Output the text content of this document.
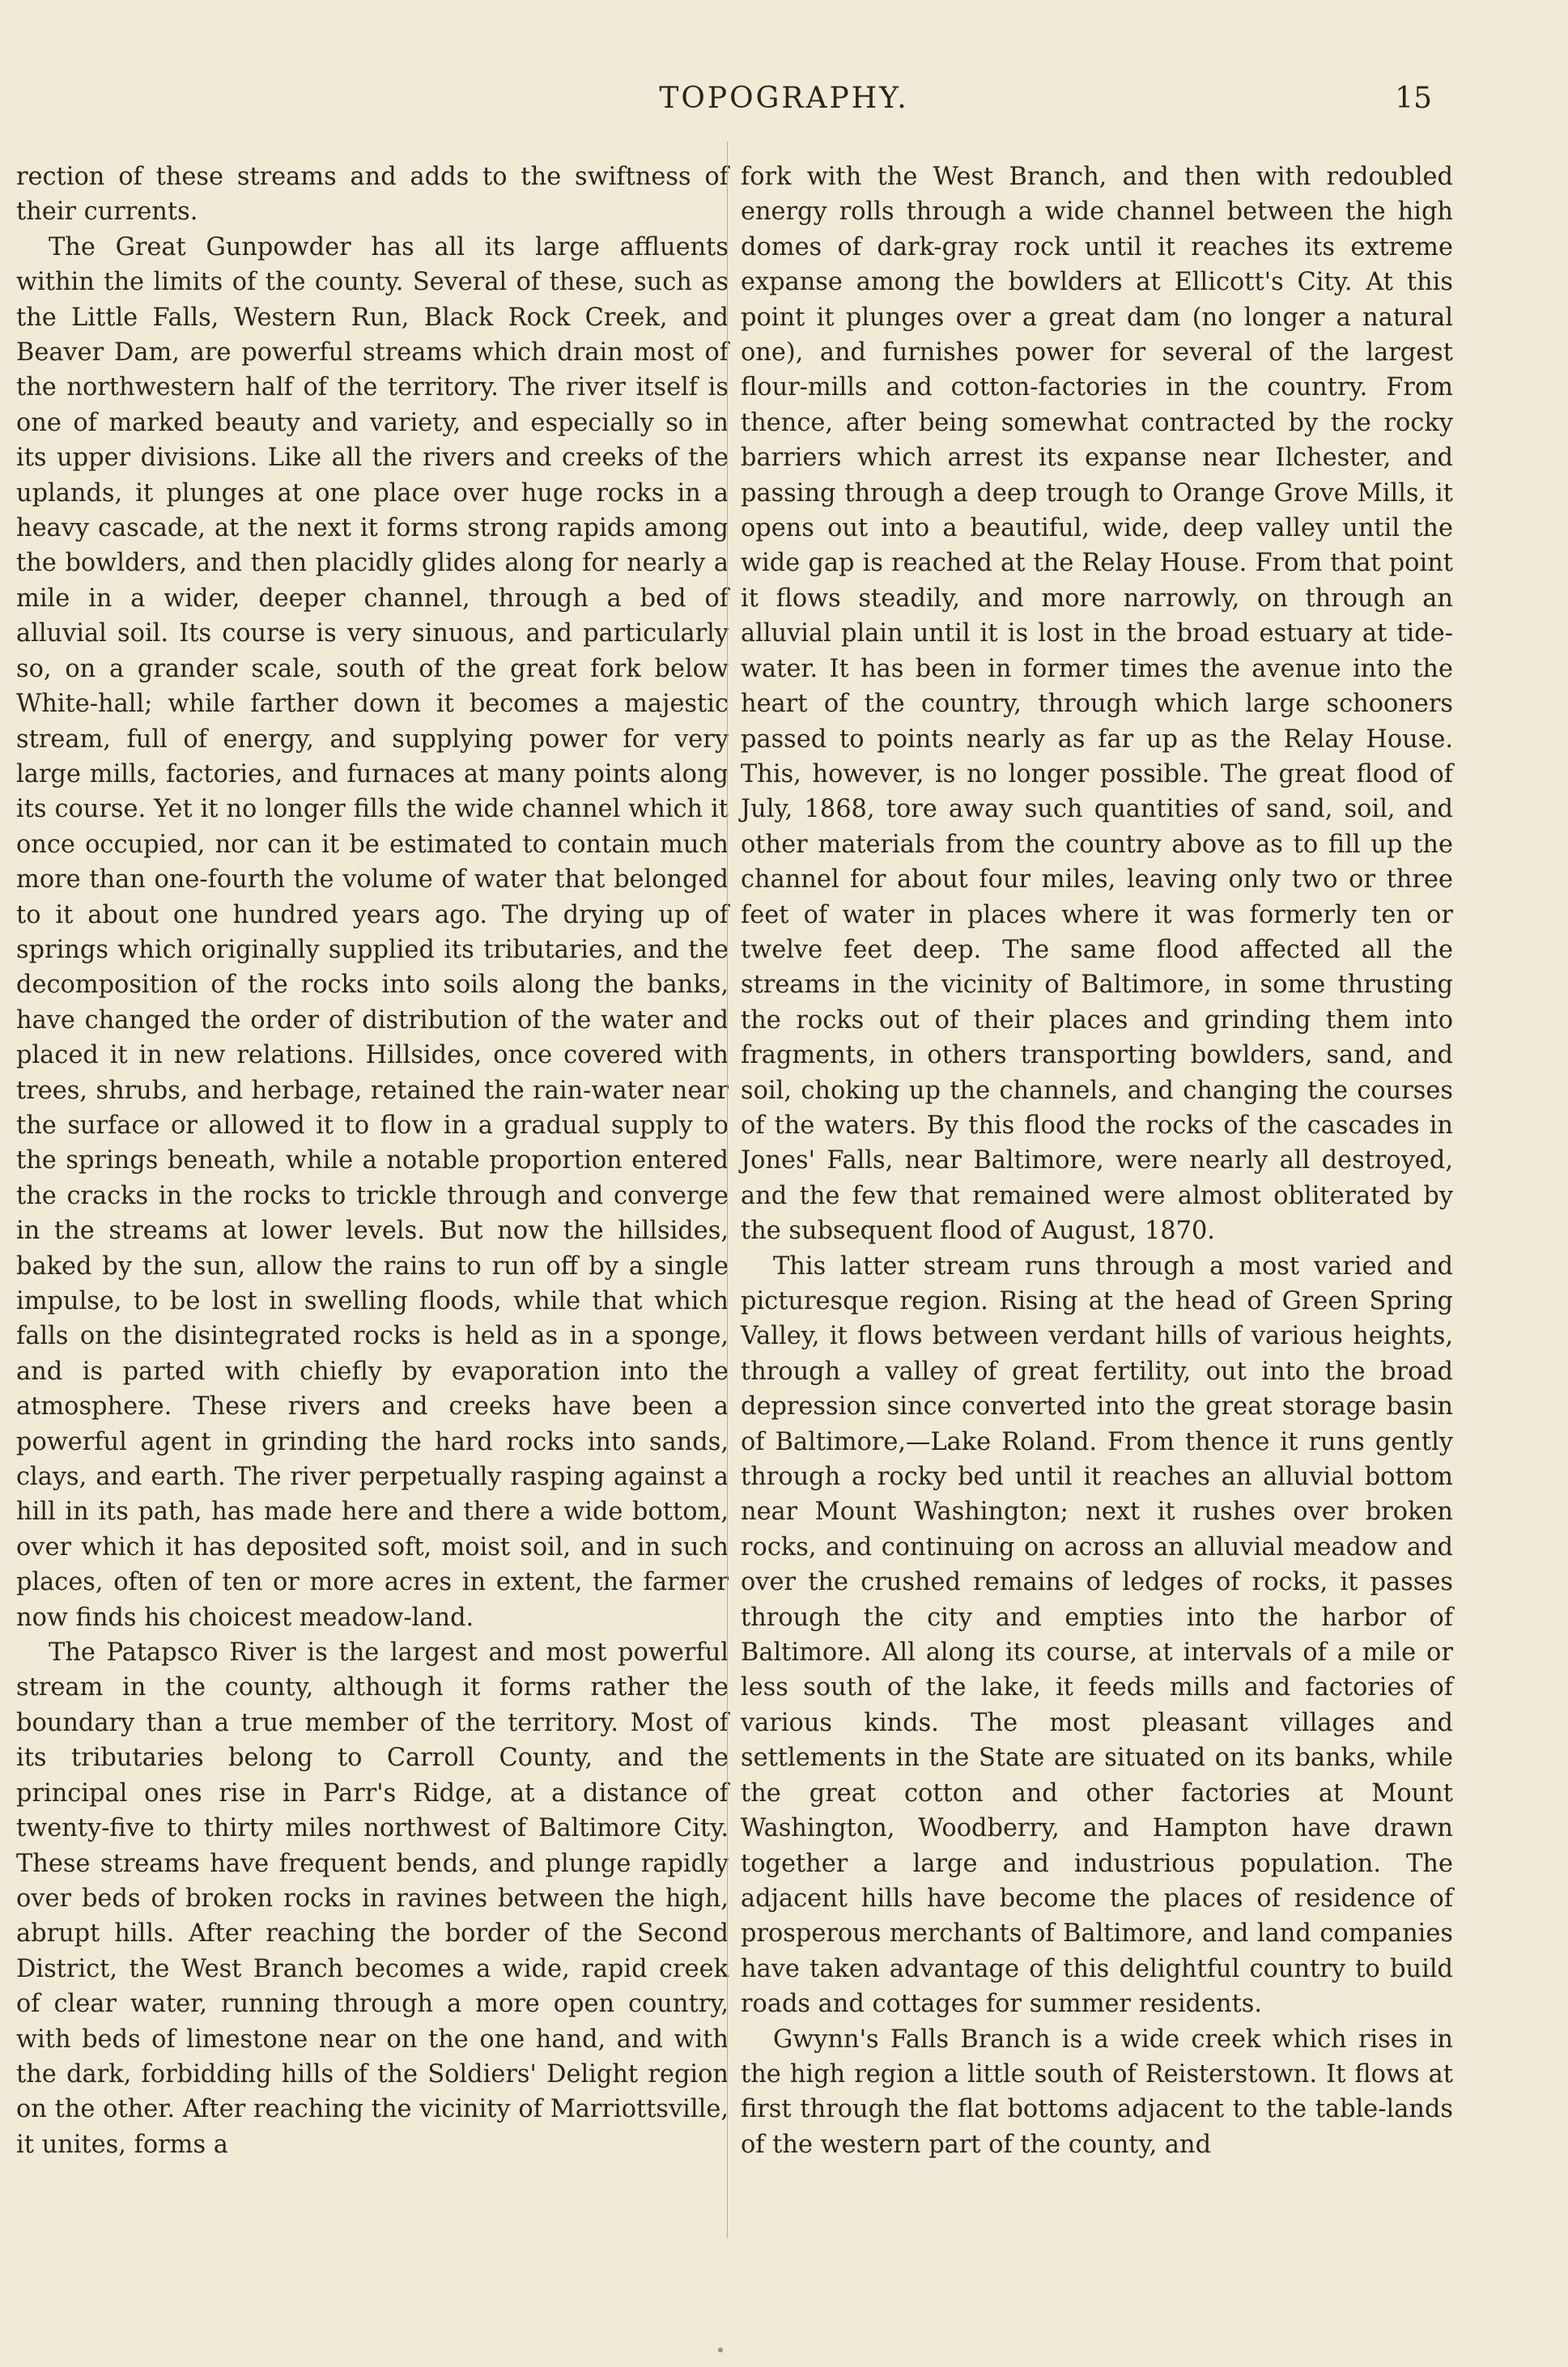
TOPOGRAPHY.	15

rection of these streams and adds to the swiftness of their currents.

The Great Gunpowder has all its large affluents within the limits of the county. Several of these, such as the Little Falls, Western Run, Black Rock Creek, and Beaver Dam, are powerful streams which drain most of the northwestern half of the territory. The river itself is one of marked beauty and variety, and especially so in its upper divisions. Like all the rivers and creeks of the uplands, it plunges at one place over huge rocks in a heavy cascade, at the next it forms strong rapids among the bowlders, and then placidly glides along for nearly a mile in a wider, deeper channel, through a bed of alluvial soil. Its course is very sinuous, and particularly so, on a grander scale, south of the great fork below White-hall; while farther down it becomes a majestic stream, full of energy, and supplying power for very large mills, factories, and furnaces at many points along its course. Yet it no longer fills the wide channel which it once occupied, nor can it be estimated to contain much more than one-fourth the volume of water that belonged to it about one hundred years ago. The drying up of springs which originally supplied its tributaries, and the decomposition of the rocks into soils along the banks, have changed the order of distribution of the water and placed it in new relations. Hillsides, once covered with trees, shrubs, and herbage, retained the rain-water near the surface or allowed it to flow in a gradual supply to the springs beneath, while a notable proportion entered the cracks in the rocks to trickle through and converge in the streams at lower levels. But now the hillsides, baked by the sun, allow the rains to run off by a single impulse, to be lost in swelling floods, while that which falls on the disintegrated rocks is held as in a sponge, and is parted with chiefly by evaporation into the atmosphere. These rivers and creeks have been a powerful agent in grinding the hard rocks into sands, clays, and earth. The river perpetually rasping against a hill in its path, has made here and there a wide bottom, over which it has deposited soft, moist soil, and in such places, often of ten or more acres in extent, the farmer now finds his choicest meadow-land.

The Patapsco River is the largest and most powerful stream in the county, although it forms rather the boundary than a true member of the territory. Most of its tributaries belong to Carroll County, and the principal ones rise in Parr's Ridge, at a distance of twenty-five to thirty miles northwest of Baltimore City. These streams have frequent bends, and plunge rapidly over beds of broken rocks in ravines between the high, abrupt hills. After reaching the border of the Second District, the West Branch becomes a wide, rapid creek of clear water, running through a more open country, with beds of limestone near on the one hand, and with the dark, forbidding hills of the Soldiers' Delight region on the other. After reaching the vicinity of Marriottsville, it unites, forms a

fork with the West Branch, and then with redoubled energy rolls through a wide channel between the high domes of dark-gray rock until it reaches its extreme expanse among the bowlders at Ellicott's City. At this point it plunges over a great dam (no longer a natural one), and furnishes power for several of the largest flour-mills and cotton-factories in the country. From thence, after being somewhat contracted by the rocky barriers which arrest its expanse near Ilchester, and passing through a deep trough to Orange Grove Mills, it opens out into a beautiful, wide, deep valley until the wide gap is reached at the Relay House. From that point it flows steadily, and more narrowly, on through an alluvial plain until it is lost in the broad estuary at tide-water. It has been in former times the avenue into the heart of the country, through which large schooners passed to points nearly as far up as the Relay House. This, however, is no longer possible. The great flood of July, 1868, tore away such quantities of sand, soil, and other materials from the country above as to fill up the channel for about four miles, leaving only two or three feet of water in places where it was formerly ten or twelve feet deep. The same flood affected all the streams in the vicinity of Baltimore, in some thrusting the rocks out of their places and grinding them into fragments, in others transporting bowlders, sand, and soil, choking up the channels, and changing the courses of the waters. By this flood the rocks of the cascades in Jones' Falls, near Baltimore, were nearly all destroyed, and the few that remained were almost obliterated by the subsequent flood of August, 1870.

This latter stream runs through a most varied and picturesque region. Rising at the head of Green Spring Valley, it flows between verdant hills of various heights, through a valley of great fertility, out into the broad depression since converted into the great storage basin of Baltimore,—Lake Roland. From thence it runs gently through a rocky bed until it reaches an alluvial bottom near Mount Washington; next it rushes over broken rocks, and continuing on across an alluvial meadow and over the crushed remains of ledges of rocks, it passes through the city and empties into the harbor of Baltimore. All along its course, at intervals of a mile or less south of the lake, it feeds mills and factories of various kinds. The most pleasant villages and settlements in the State are situated on its banks, while the great cotton and other factories at Mount Washington, Woodberry, and Hampton have drawn together a large and industrious population. The adjacent hills have become the places of residence of prosperous merchants of Baltimore, and land companies have taken advantage of this delightful country to build roads and cottages for summer residents.

Gwynn's Falls Branch is a wide creek which rises in the high region a little south of Reisterstown. It flows at first through the flat bottoms adjacent to the table-lands of the western part of the county, and
